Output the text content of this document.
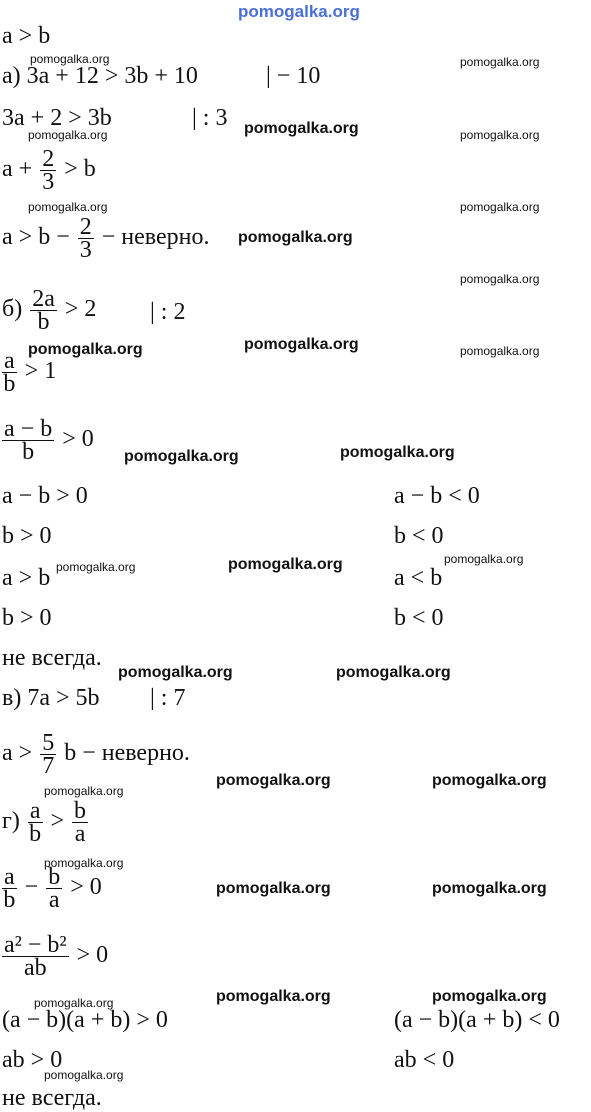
pomogalka.org
pomogalka.org	pomogalka.org
pomogalka.org	pomogalka.org
pomogalka.org	pomogalka.org
pomogalka.org
pomogalka.org
pomogalka.org
pomogalka.org
pomogalka.org
pomogalka.org
pomogalka.org
pomogalka.org
pomogalka.org
pomogalka.org
pomogalka.org	pomogalka.org
pomogalka.org	pomogalka.org
pomogalka.org
pomogalka.org	pomogalka.org
pomogalka.org	pomogalka.org
pomogalka.org	pomogalka.org
pomogalka.org	pomogalka.org
a > b
а) 3a + 12 > 3b + 10	| − 10
3a + 2 > 3b	| : 3
$a + \frac{2}{3} > b$
$a > b - \frac{2}{3}$ − неверно.
$б) \frac{2a}{b} > 2$ | : 2
$\frac{a}{b} > 1$
$\frac{a - b}{b} > 0$
a − b > 0	a − b < 0
b > 0	b < 0
a > b	a < b
b > 0	b < 0
не всегда.
в) 7a > 5b | : 7
$a > \frac{5}{7}$ b − неверно.
$г) \frac{a}{b} > \frac{b}{a}$
$\frac{a}{b} - \frac{b}{a} > 0$
$\frac{\text{a² − b²}}{ab} > 0$
(a − b)(a + b) > 0	(a − b)(a + b) < 0
ab > 0	ab < 0
не всегда.
